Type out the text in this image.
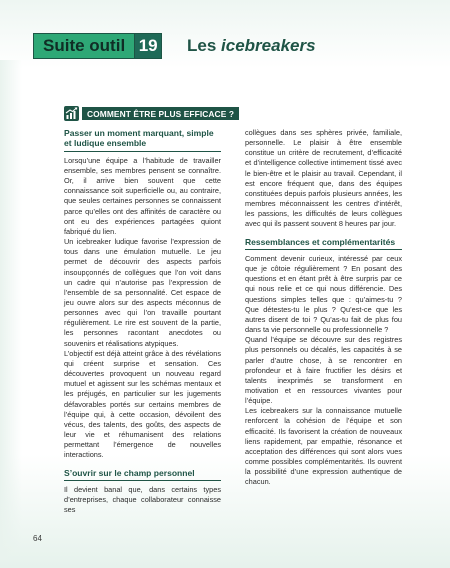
Suite outil 19 Les icebreakers
COMMENT ÊTRE PLUS EFFICACE ?
Passer un moment marquant, simple et ludique ensemble

Lorsqu’une équipe a l’habitude de travailler ensemble, ses membres pensent se connaître. Or, il arrive bien souvent que cette connaissance soit superficielle ou, au contraire, que seules certaines personnes se connaissent parce qu’elles ont des affinités de caractère ou ont eu des expériences partagées quiont fabriqué du lien.

Un icebreaker ludique favorise l’expression de tous dans une émulation mutuelle. Le jeu permet de découvrir des aspects parfois insoupçonnés de collègues que l’on voit dans un cadre qui n’autorise pas l’expression de l’ensemble de sa personnalité. Cet espace de jeu ouvre alors sur des aspects méconnus de personnes avec qui l’on travaille pourtant régulièrement. Le rire est souvent de la partie, les personnes racontant anecdotes ou souvenirs et réalisations atypiques.

L’objectif est déjà atteint grâce à des révélations qui créent surprise et sensation. Ces découvertes provoquent un nouveau regard mutuel et agissent sur les schémas mentaux et les préjugés, en particulier sur les jugements défavorables portés sur certains membres de l’équipe qui, à cette occasion, dévoilent des vécus, des talents, des goûts, des aspects de leur vie et réhumanisent des relations permettant l’émergence de nouvelles interactions.

S’ouvrir sur le champ personnel

Il devient banal que, dans certains types d’entreprises, chaque collaborateur connaisse ses

collègues dans ses sphères privée, familiale, personnelle. Le plaisir à être ensemble constitue un critère de recrutement, d’efficacité et d’intelligence collective intimement tissé avec le bien-être et le plaisir au travail. Cependant, il est encore fréquent que, dans des équipes constituées depuis parfois plusieurs années, les membres méconnaissent les centres d’intérêt, les passions, les difficultés de leurs collègues avec qui ils passent souvent 8 heures par jour.

Ressemblances et complémentarités

Comment devenir curieux, intéressé par ceux que je côtoie régulièrement ? En posant des questions et en étant prêt à être surpris par ce qui nous relie et ce qui nous différencie. Des questions simples telles que : qu’aimes-tu ? Que détestes-tu le plus ? Qu’est-ce que les autres disent de toi ? Qu’as-tu fait de plus fou dans ta vie personnelle ou professionnelle ?

Quand l’équipe se découvre sur des registres plus personnels ou décalés, les capacités à se parler d’autre chose, à se rencontrer en profondeur et à faire fructifier les désirs et talents inexprimés se transforment en motivation et en ressources vivantes pour l’équipe.

Les icebreakers sur la connaissance mutuelle renforcent la cohésion de l’équipe et son efficacité. Ils favorisent la création de nouveaux liens rapidement, par empathie, résonance et acceptation des différences qui sont alors vues comme possibles complémentarités. Ils ouvrent la possibilité d’une expression authentique de chacun.

64
